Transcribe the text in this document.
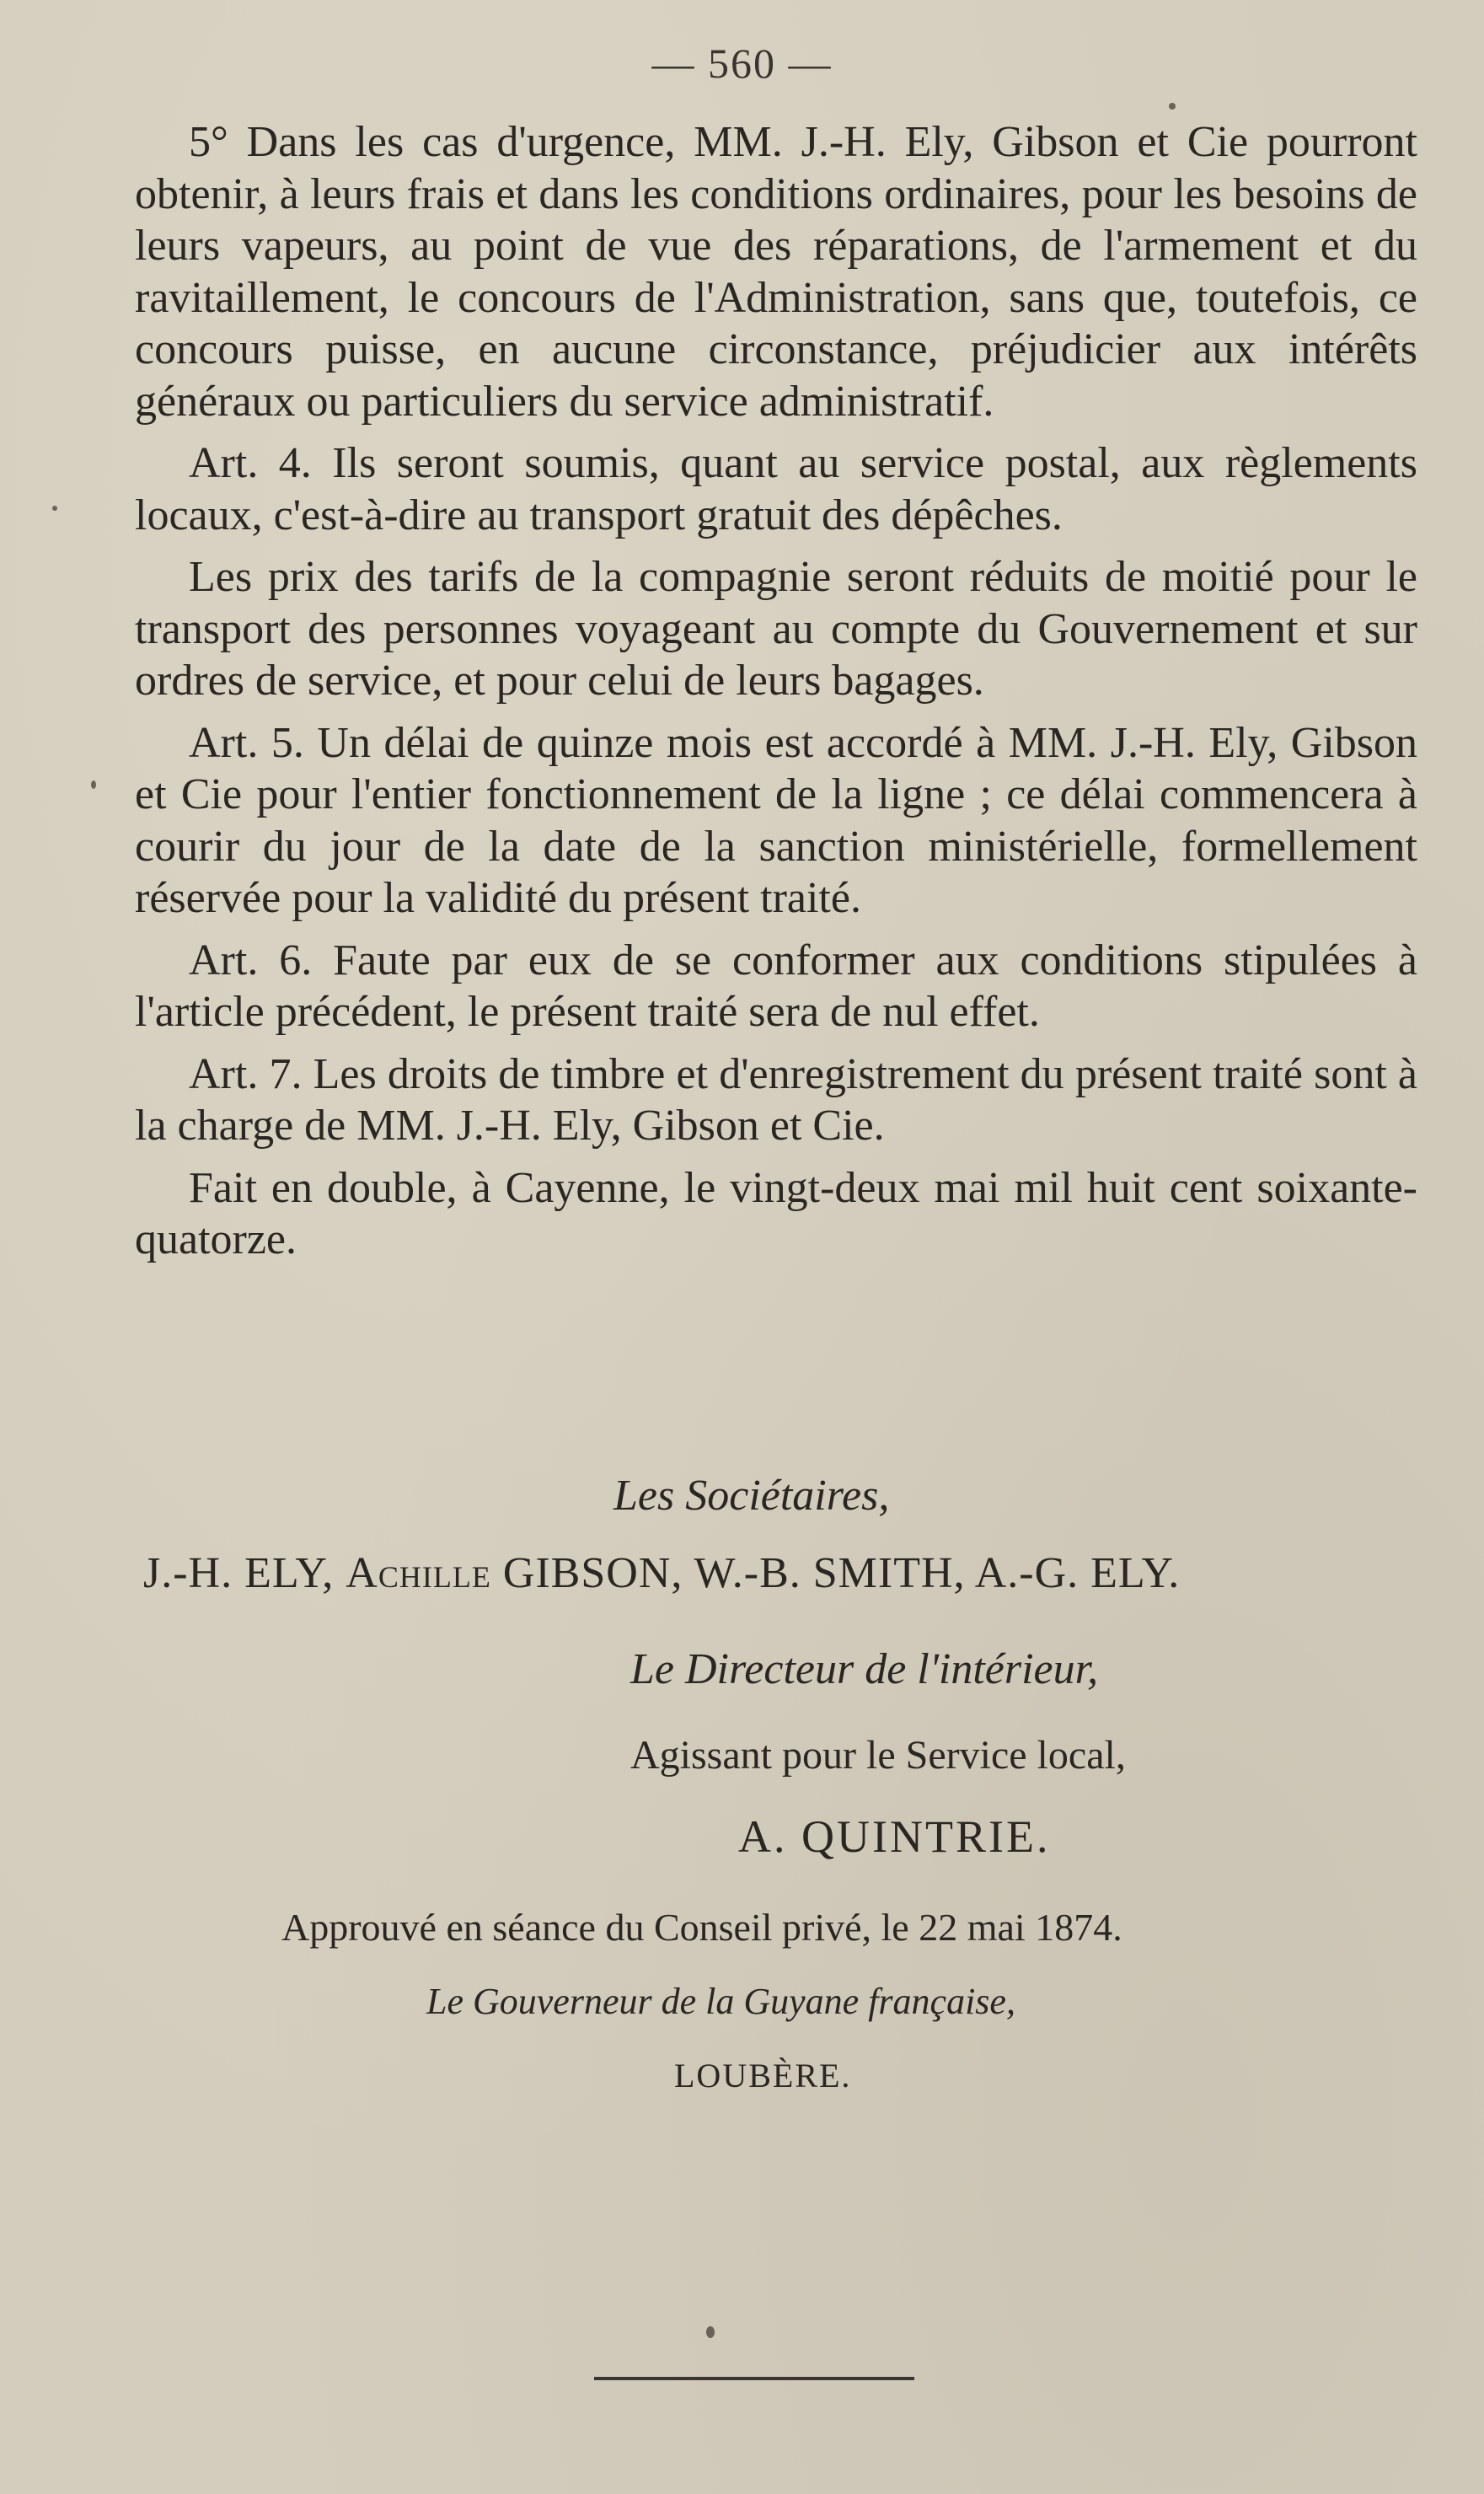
— 560 —

5° Dans les cas d'urgence, MM. J.-H. Ely, Gibson et Cie pourront obtenir, à leurs frais et dans les conditions ordinaires, pour les besoins de leurs vapeurs, au point de vue des réparations, de l'armement et du ravitaillement, le concours de l'Administration, sans que, toutefois, ce concours puisse, en aucune circonstance, préjudicier aux intérêts généraux ou particuliers du service administratif.

Art. 4. Ils seront soumis, quant au service postal, aux règlements locaux, c'est-à-dire au transport gratuit des dépêches.

Les prix des tarifs de la compagnie seront réduits de moitié pour le transport des personnes voyageant au compte du Gouvernement et sur ordres de service, et pour celui de leurs bagages.

Art. 5. Un délai de quinze mois est accordé à MM. J.-H. Ely, Gibson et Cie pour l'entier fonctionnement de la ligne ; ce délai commencera à courir du jour de la date de la sanction ministérielle, formellement réservée pour la validité du présent traité.

Art. 6. Faute par eux de se conformer aux conditions stipulées à l'article précédent, le présent traité sera de nul effet.

Art. 7. Les droits de timbre et d'enregistrement du présent traité sont à la charge de MM. J.-H. Ely, Gibson et Cie.

Fait en double, à Cayenne, le vingt-deux mai mil huit cent soixante-quatorze.

Les Sociétaires,
J.-H. ELY, Achille GIBSON, W.-B. SMITH, A.-G. ELY.
Le Directeur de l'intérieur,
Agissant pour le Service local,
A. QUINTRIE.
Approuvé en séance du Conseil privé, le 22 mai 1874.
Le Gouverneur de la Guyane française,
LOUBÈRE.
